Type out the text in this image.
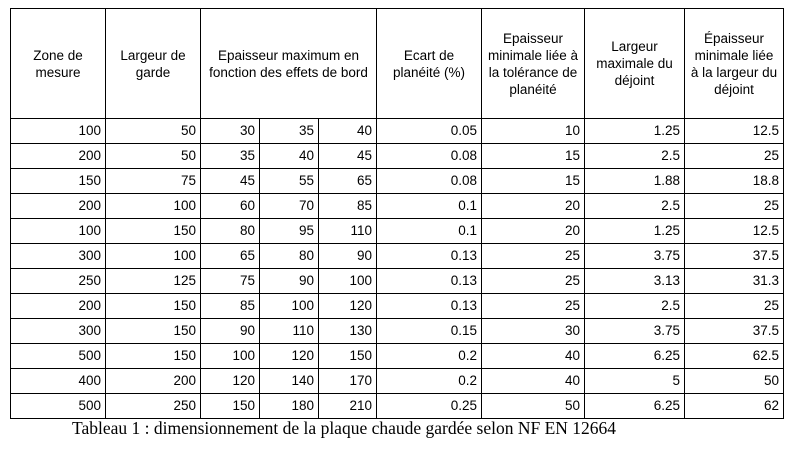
Zone de mesure	Largeur de garde	Epaisseur maximum en fonction des effets de bord			Ecart de planéité (%)	Epaisseur minimale liée à la tolérance de planéité	Largeur maximale du déjoint	Épaisseur minimale liée à la largeur du déjoint
100	50	30	35	40	0.05	10	1.25	12.5
200	50	35	40	45	0.08	15	2.5	25
150	75	45	55	65	0.08	15	1.88	18.8
200	100	60	70	85	0.1	20	2.5	25
100	150	80	95	110	0.1	20	1.25	12.5
300	100	65	80	90	0.13	25	3.75	37.5
250	125	75	90	100	0.13	25	3.13	31.3
200	150	85	100	120	0.13	25	2.5	25
300	150	90	110	130	0.15	30	3.75	37.5
500	150	100	120	150	0.2	40	6.25	62.5
400	200	120	140	170	0.2	40	5	50
500	250	150	180	210	0.25	50	6.25	62
Tableau 1 : dimensionnement de la plaque chaude gardée selon NF EN 12664
